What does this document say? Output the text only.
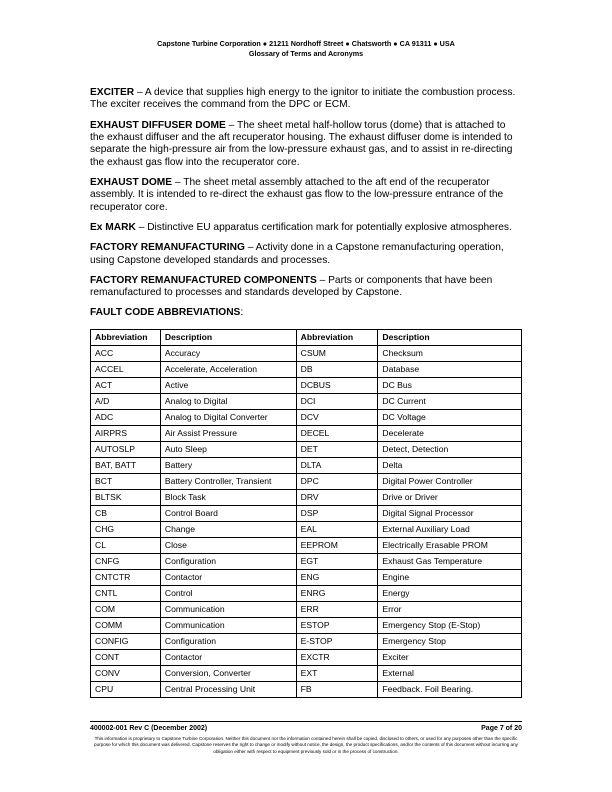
Capstone Turbine Corporation ● 21211 Nordhoff Street ● Chatsworth ● CA 91311 ● USA
Glossary of Terms and Acronyms

EXCITER – A device that supplies high energy to the ignitor to initiate the combustion process. The exciter receives the command from the DPC or ECM.

EXHAUST DIFFUSER DOME – The sheet metal half-hollow torus (dome) that is attached to the exhaust diffuser and the aft recuperator housing. The exhaust diffuser dome is intended to separate the high-pressure air from the low-pressure exhaust gas, and to assist in re-directing the exhaust gas flow into the recuperator core.

EXHAUST DOME – The sheet metal assembly attached to the aft end of the recuperator assembly. It is intended to re-direct the exhaust gas flow to the low-pressure entrance of the recuperator core.

Ex MARK – Distinctive EU apparatus certification mark for potentially explosive atmospheres.

FACTORY REMANUFACTURING – Activity done in a Capstone remanufacturing operation, using Capstone developed standards and processes.

FACTORY REMANUFACTURED COMPONENTS – Parts or components that have been remanufactured to processes and standards developed by Capstone.

FAULT CODE ABBREVIATIONS:
Abbreviation	Description	Abbreviation	Description
ACC	Accuracy	CSUM	Checksum
ACCEL	Accelerate, Acceleration	DB	Database
ACT	Active	DCBUS	DC Bus
A/D	Analog to Digital	DCI	DC Current
ADC	Analog to Digital Converter	DCV	DC Voltage
AIRPRS	Air Assist Pressure	DECEL	Decelerate
AUTOSLP	Auto Sleep	DET	Detect, Detection
BAT, BATT	Battery	DLTA	Delta
BCT	Battery Controller, Transient	DPC	Digital Power Controller
BLTSK	Block Task	DRV	Drive or Driver
CB	Control Board	DSP	Digital Signal Processor
CHG	Change	EAL	External Auxiliary Load
CL	Close	EEPROM	Electrically Erasable PROM
CNFG	Configuration	EGT	Exhaust Gas Temperature
CNTCTR	Contactor	ENG	Engine
CNTL	Control	ENRG	Energy
COM	Communication	ERR	Error
COMM	Communication	ESTOP	Emergency Stop (E-Stop)
CONFIG	Configuration	E-STOP	Emergency Stop
CONT	Contactor	EXCTR	Exciter
CONV	Conversion, Converter	EXT	External
CPU	Central Processing Unit	FB	Feedback. Foil Bearing.
400002-001 Rev C (December 2002)	Page 7 of 20
This information is proprietary to Capstone Turbine Corporation. Neither this document nor the information contained herein shall be copied, disclosed to others, or used for any purposes other than the specific purpose for which this document was delivered. Capstone reserves the right to change or modify without notice, the design, the product specifications, and/or the contents of this document without incurring any obligation either with respect to equipment previously sold or in the process of construction.
